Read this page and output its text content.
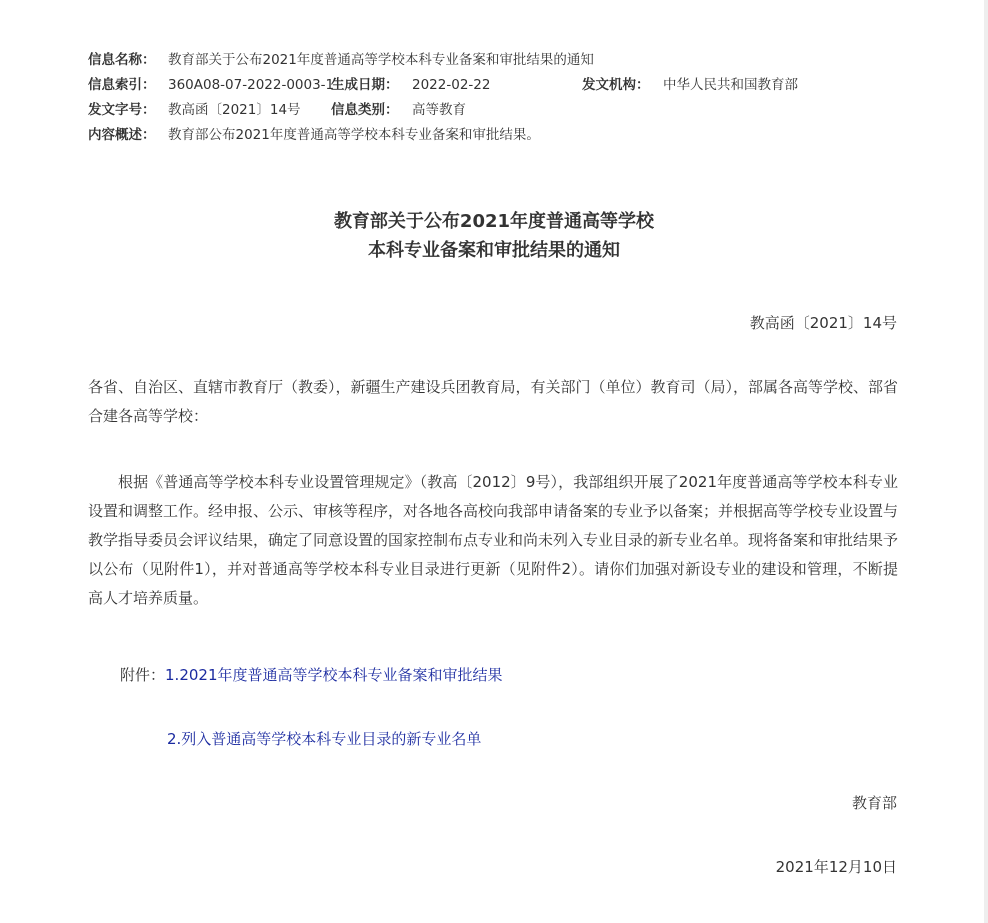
信息名称： 教育部关于公布2021年度普通高等学校本科专业备案和审批结果的通知
信息索引： 360A08-07-2022-0003-1
生成日期： 2022-02-22	发文机构： 中华人民共和国教育部
发文字号： 教高函〔2021〕14号 信息类别： 高等教育
内容概述： 教育部公布2021年度普通高等学校本科专业备案和审批结果。
教育部关于公布2021年度普通高等学校
本科专业备案和审批结果的通知
教高函〔2021〕14号

各省、自治区、直辖市教育厅（教委），新疆生产建设兵团教育局，有关部门（单位）教育司（局），部属各高等学校、部省合建各高等学校：

根据《普通高等学校本科专业设置管理规定》（教高〔2012〕9号），我部组织开展了2021年度普通高等学校本科专业设置和调整工作。经申报、公示、审核等程序，对各地各高校向我部申请备案的专业予以备案；并根据高等学校专业设置与教学指导委员会评议结果，确定了同意设置的国家控制布点专业和尚未列入专业目录的新专业名单。现将备案和审批结果予以公布（见附件1），并对普通高等学校本科专业目录进行更新（见附件2）。请你们加强对新设专业的建设和管理，不断提高人才培养质量。

附件：1.2021年度普通高等学校本科专业备案和审批结果
2.列入普通高等学校本科专业目录的新专业名单
教育部
2021年12月10日
